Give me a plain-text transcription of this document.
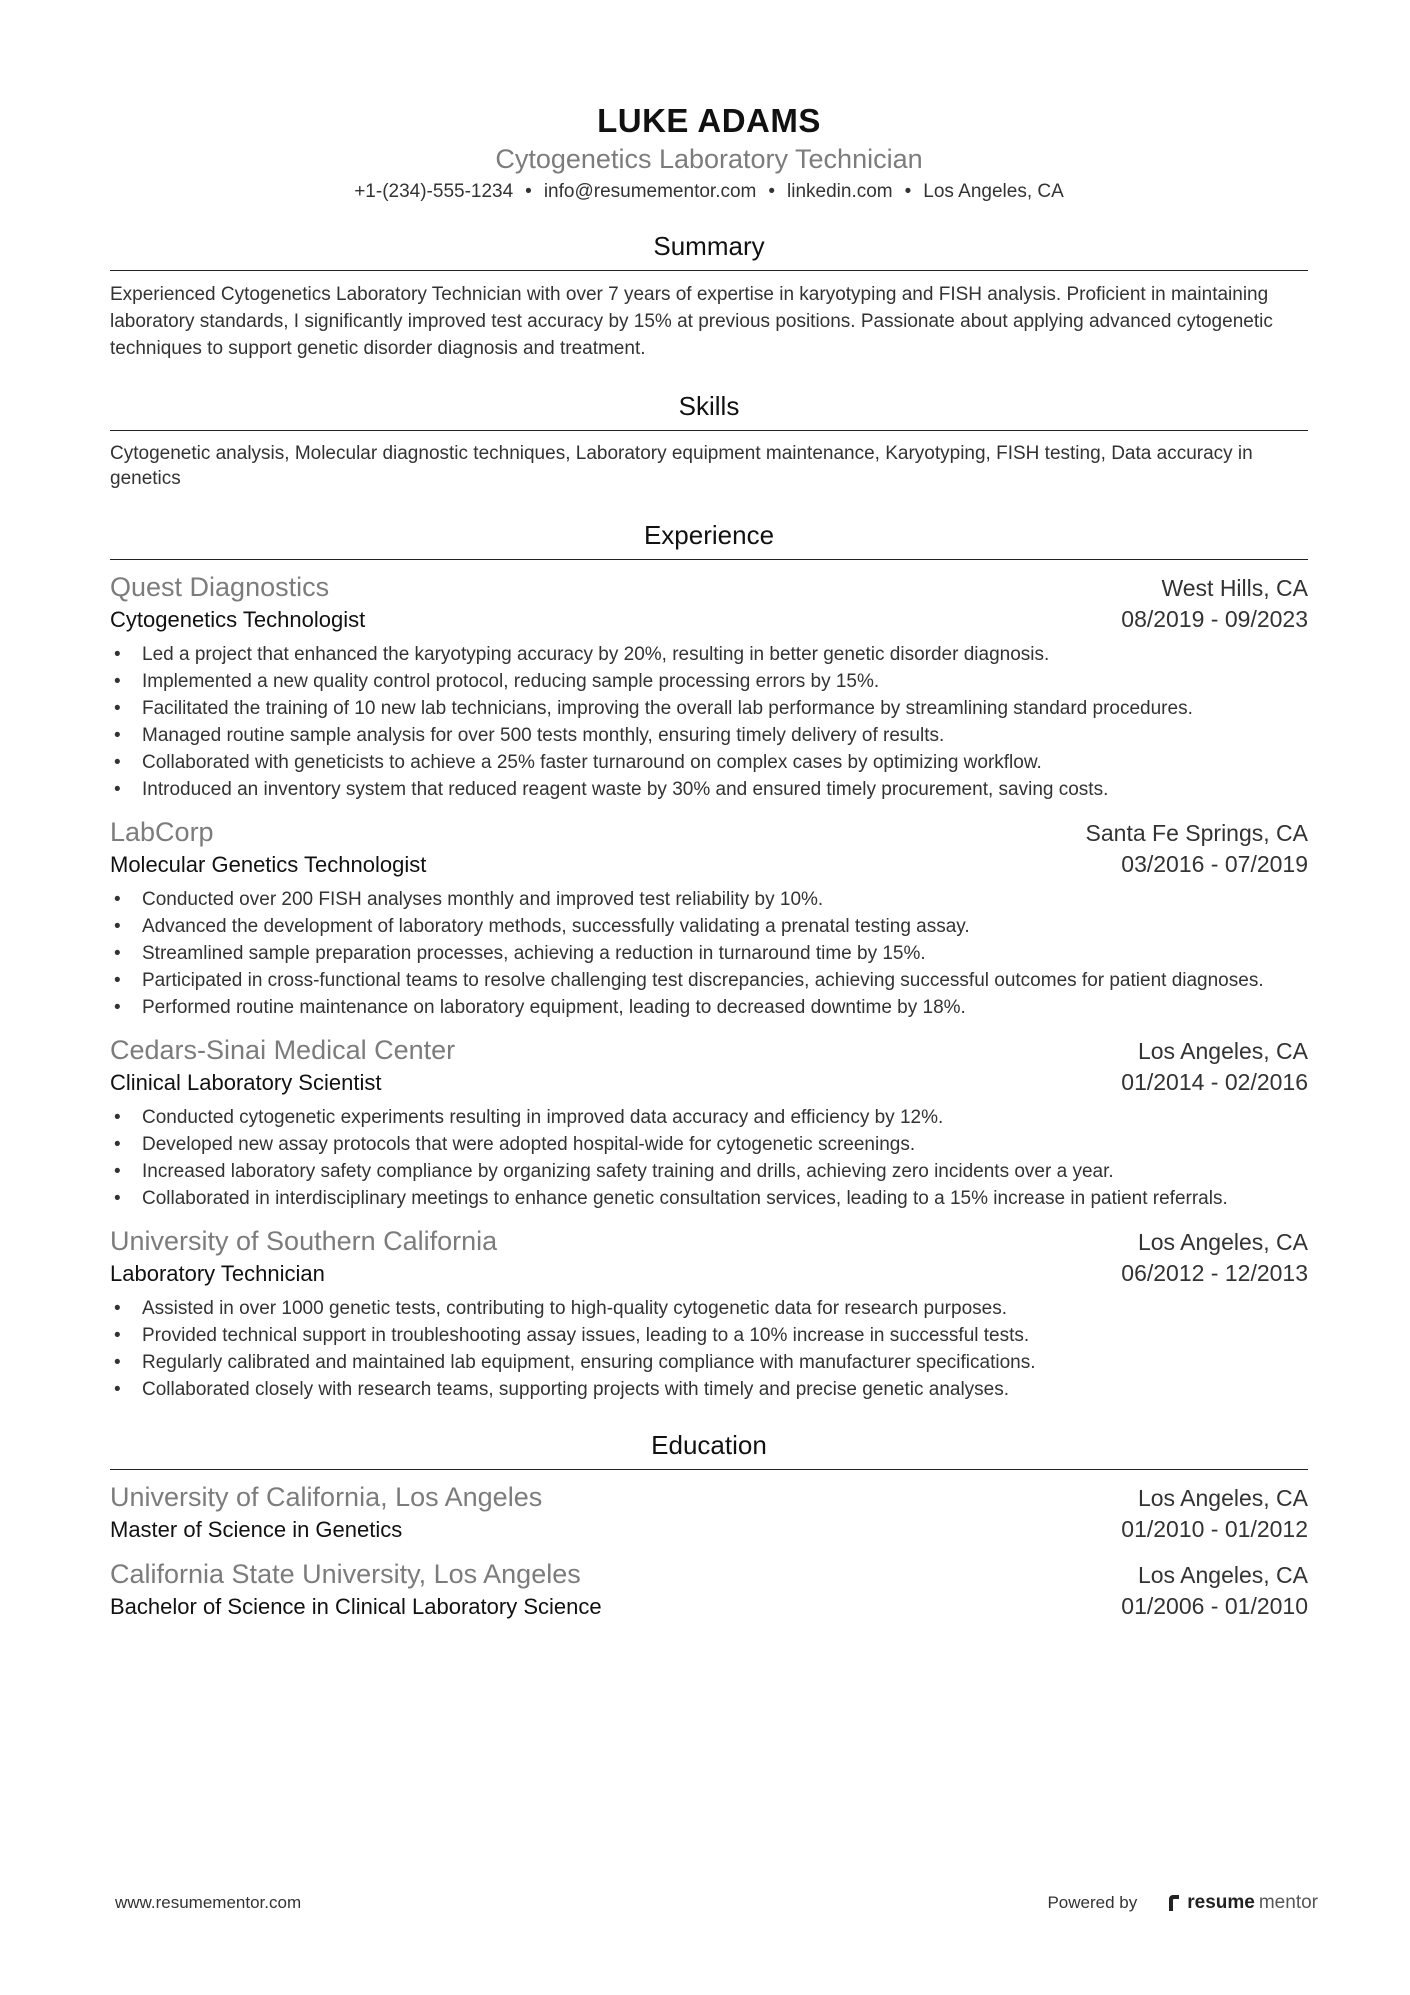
LUKE ADAMS
Cytogenetics Laboratory Technician
+1-(234)-555-1234 • info@resumementor.com • linkedin.com • Los Angeles, CA
Summary
Experienced Cytogenetics Laboratory Technician with over 7 years of expertise in karyotyping and FISH analysis. Proficient in maintaining laboratory standards, I significantly improved test accuracy by 15% at previous positions. Passionate about applying advanced cytogenetic techniques to support genetic disorder diagnosis and treatment.
Skills
Cytogenetic analysis, Molecular diagnostic techniques, Laboratory equipment maintenance, Karyotyping, FISH testing, Data accuracy in genetics
Experience
Quest Diagnostics	West Hills, CA
Cytogenetics Technologist	08/2019 - 09/2023
• Led a project that enhanced the karyotyping accuracy by 20%, resulting in better genetic disorder diagnosis.
• Implemented a new quality control protocol, reducing sample processing errors by 15%.
• Facilitated the training of 10 new lab technicians, improving the overall lab performance by streamlining standard procedures.
• Managed routine sample analysis for over 500 tests monthly, ensuring timely delivery of results.
• Collaborated with geneticists to achieve a 25% faster turnaround on complex cases by optimizing workflow.
• Introduced an inventory system that reduced reagent waste by 30% and ensured timely procurement, saving costs.
LabCorp	Santa Fe Springs, CA
Molecular Genetics Technologist	03/2016 - 07/2019
• Conducted over 200 FISH analyses monthly and improved test reliability by 10%.
• Advanced the development of laboratory methods, successfully validating a prenatal testing assay.
• Streamlined sample preparation processes, achieving a reduction in turnaround time by 15%.
• Participated in cross-functional teams to resolve challenging test discrepancies, achieving successful outcomes for patient diagnoses.
• Performed routine maintenance on laboratory equipment, leading to decreased downtime by 18%.
Cedars-Sinai Medical Center	Los Angeles, CA
Clinical Laboratory Scientist	01/2014 - 02/2016
• Conducted cytogenetic experiments resulting in improved data accuracy and efficiency by 12%.
• Developed new assay protocols that were adopted hospital-wide for cytogenetic screenings.
• Increased laboratory safety compliance by organizing safety training and drills, achieving zero incidents over a year.
• Collaborated in interdisciplinary meetings to enhance genetic consultation services, leading to a 15% increase in patient referrals.
University of Southern California	Los Angeles, CA
Laboratory Technician	06/2012 - 12/2013
• Assisted in over 1000 genetic tests, contributing to high-quality cytogenetic data for research purposes.
• Provided technical support in troubleshooting assay issues, leading to a 10% increase in successful tests.
• Regularly calibrated and maintained lab equipment, ensuring compliance with manufacturer specifications.
• Collaborated closely with research teams, supporting projects with timely and precise genetic analyses.
Education
University of California, Los Angeles	Los Angeles, CA
Master of Science in Genetics	01/2010 - 01/2012
California State University, Los Angeles	Los Angeles, CA
Bachelor of Science in Clinical Laboratory Science	01/2006 - 01/2010
www.resumementor.com	Powered by	resume mentor
